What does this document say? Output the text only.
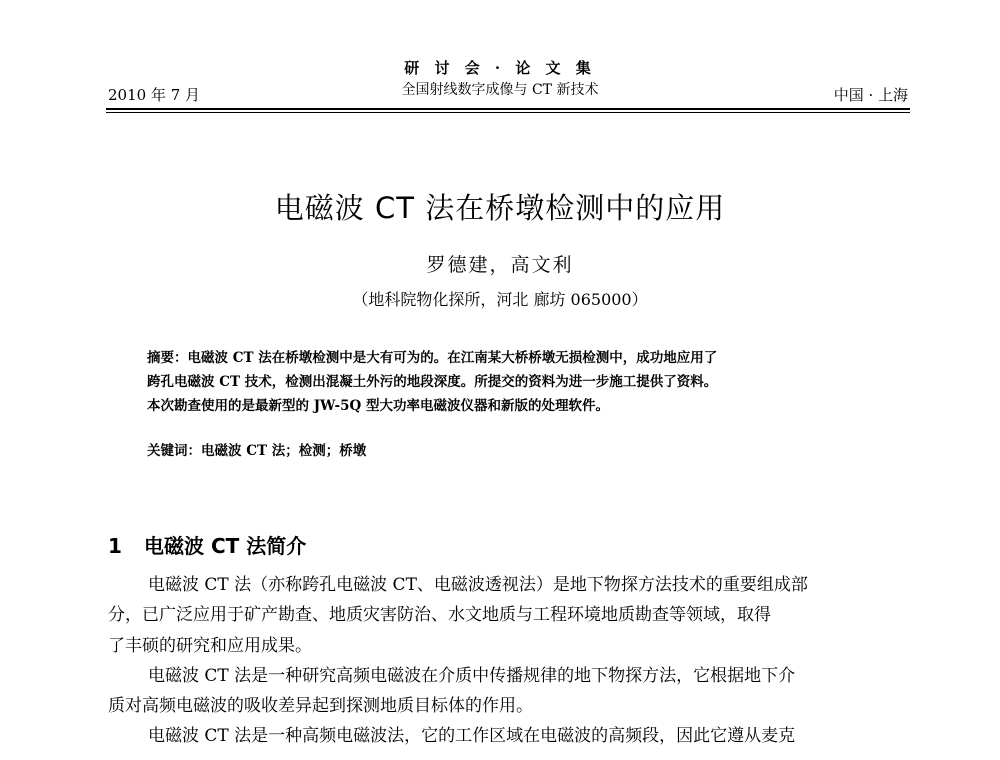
研 讨 会 · 论 文 集
全国射线数字成像与 CT 新技术
2010 年 7 月	中国 · 上海
电磁波 CT 法在桥墩检测中的应用
罗德建，高文利
（地科院物化探所，河北 廊坊 065000）
摘要：电磁波 CT 法在桥墩检测中是大有可为的。在江南某大桥桥墩无损检测中，成功地应用了
跨孔电磁波 CT 技术，检测出混凝土外污的地段深度。所提交的资料为进一步施工提供了资料。
本次勘查使用的是最新型的 JW-5Q 型大功率电磁波仪器和新版的处理软件。
关键词：电磁波 CT 法；检测；桥墩
1 电磁波 CT 法简介
电磁波 CT 法（亦称跨孔电磁波 CT、电磁波透视法）是地下物探方法技术的重要组成部
分，已广泛应用于矿产勘查、地质灾害防治、水文地质与工程环境地质勘查等领域，取得
了丰硕的研究和应用成果。
电磁波 CT 法是一种研究高频电磁波在介质中传播规律的地下物探方法，它根据地下介
质对高频电磁波的吸收差异起到探测地质目标体的作用。
电磁波 CT 法是一种高频电磁波法，它的工作区域在电磁波的高频段，因此它遵从麦克
